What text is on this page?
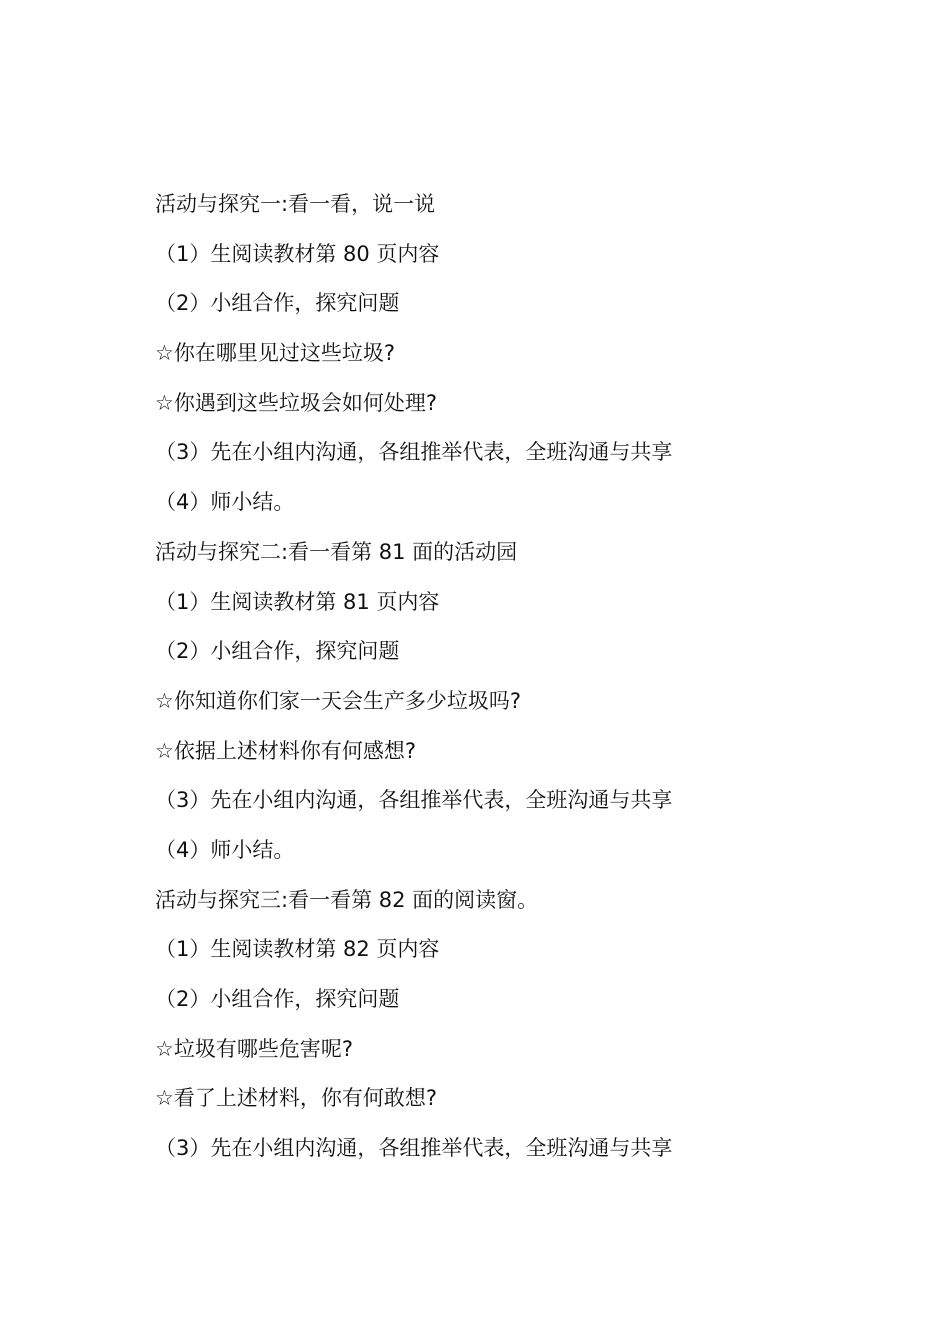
活动与探究一:看一看，说一说
（1）生阅读教材第 80 页内容
（2）小组合作，探究问题
☆你在哪里见过这些垃圾?
☆你遇到这些垃圾会如何处理?
（3）先在小组内沟通，各组推举代表，全班沟通与共享
（4）师小结。
活动与探究二:看一看第 81 面的活动园
（1）生阅读教材第 81 页内容
（2）小组合作，探究问题
☆你知道你们家一天会生产多少垃圾吗?
☆依据上述材料你有何感想?
（3）先在小组内沟通，各组推举代表，全班沟通与共享
（4）师小结。
活动与探究三:看一看第 82 面的阅读窗。
（1）生阅读教材第 82 页内容
（2）小组合作，探究问题
☆垃圾有哪些危害呢?
☆看了上述材料，你有何敢想?
（3）先在小组内沟通，各组推举代表，全班沟通与共享
